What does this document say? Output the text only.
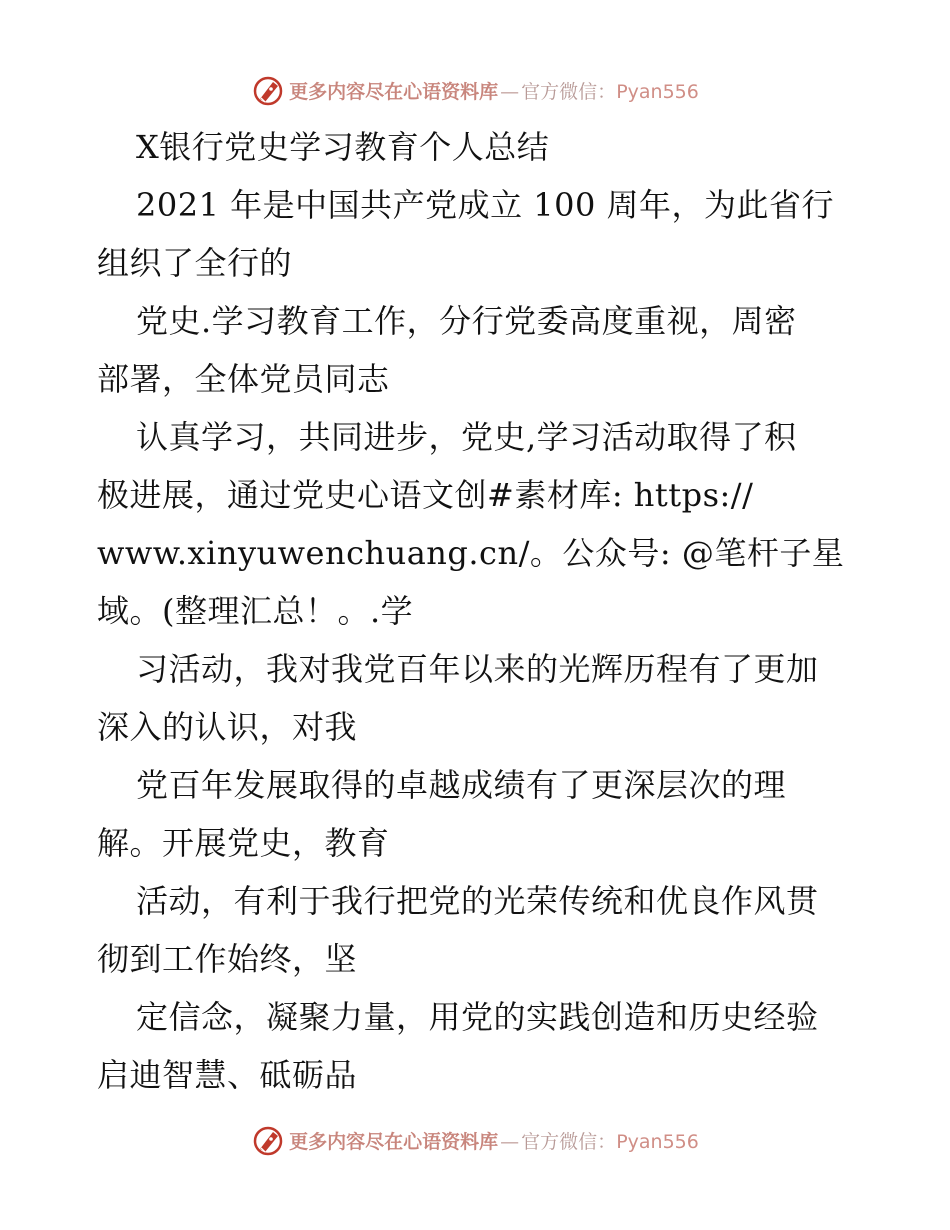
更多内容尽在心语资料库 — 官方微信：Pyan556
X银行党史学习教育个人总结
2021 年是中国共产党成立 100 周年，为此省行
组织了全行的
党史.学习教育工作，分行党委高度重视，周密
部署，全体党员同志
认真学习，共同进步，党史,学习活动取得了积
极进展，通过党史心语文创#素材库: https://
www.xinyuwenchuang.cn/。公众号: @笔杆子星
域。(整理汇总！。.学
习活动，我对我党百年以来的光辉历程有了更加
深入的认识，对我
党百年发展取得的卓越成绩有了更深层次的理
解。开展党史，教育
活动，有利于我行把党的光荣传统和优良作风贯
彻到工作始终，坚
定信念，凝聚力量，用党的实践创造和历史经验
启迪智慧、砥砺品
更多内容尽在心语资料库 — 官方微信：Pyan556
